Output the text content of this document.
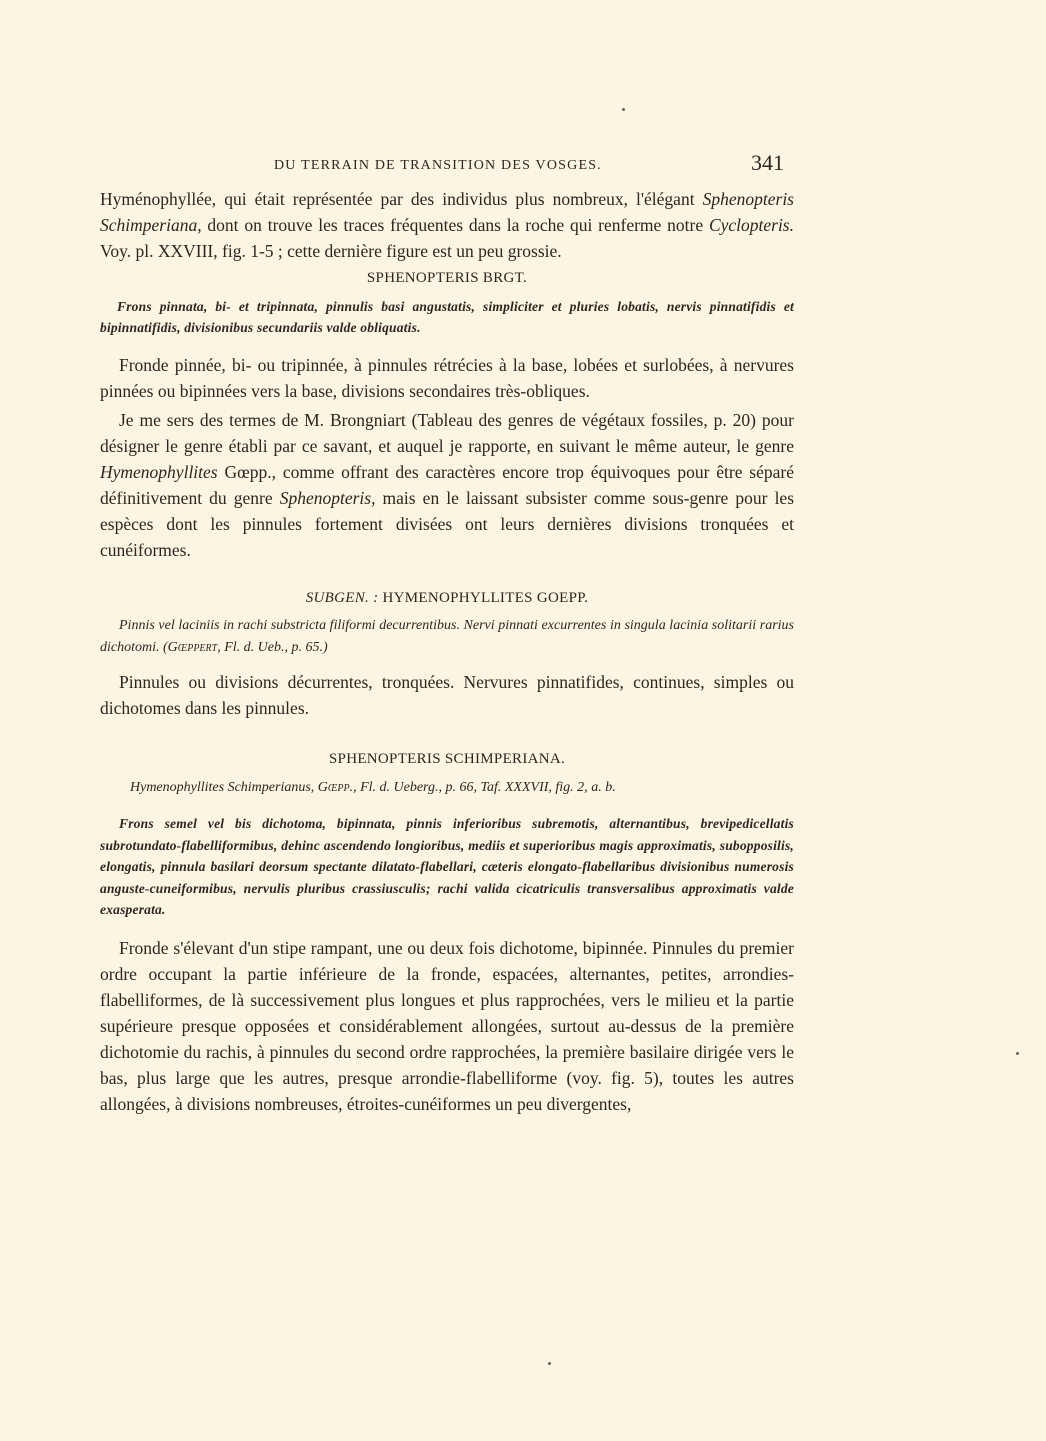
DU TERRAIN DE TRANSITION DES VOSGES.	341

Hyménophyllée, qui était représentée par des individus plus nombreux, l'élégant Sphenopteris Schimperiana, dont on trouve les traces fréquentes dans la roche qui renferme notre Cyclopteris. Voy. pl. XXVIII, fig. 1-5 ; cette dernière figure est un peu grossie.

SPHENOPTERIS BRGT.

Frons pinnata, bi- et tripinnata, pinnulis basi angustatis, simpliciter et pluries lobatis, nervis pinnatifidis et bipinnatifidis, divisionibus secundariis valde obliquatis.

Fronde pinnée, bi- ou tripinnée, à pinnules rétrécies à la base, lobées et surlobées, à nervures pinnées ou bipinnées vers la base, divisions secondaires très-obliques.

Je me sers des termes de M. Brongniart (Tableau des genres de végétaux fossiles, p. 20) pour désigner le genre établi par ce savant, et auquel je rapporte, en suivant le même auteur, le genre Hymenophyllites Gœpp., comme offrant des caractères encore trop équivoques pour être séparé définitivement du genre Sphenopteris, mais en le laissant subsister comme sous-genre pour les espèces dont les pinnules fortement divisées ont leurs dernières divisions tronquées et cunéiformes.

SUBGEN. : HYMENOPHYLLITES GOEPP.

Pinnis vel laciniis in rachi substricta filiformi decurrentibus. Nervi pinnati excurrentes in singula lacinia solitarii rarius dichotomi. (Gœppert, Fl. d. Ueb., p. 65.)

Pinnules ou divisions décurrentes, tronquées. Nervures pinnatifides, continues, simples ou dichotomes dans les pinnules.

SPHENOPTERIS SCHIMPERIANA.

Hymenophyllites Schimperianus, Gœpp., Fl. d. Ueberg., p. 66, Taf. XXXVII, fig. 2, a. b.

Frons semel vel bis dichotoma, bipinnata, pinnis inferioribus subremotis, alternantibus, brevipedicellatis subrotundato-flabelliformibus, dehinc ascendendo longioribus, mediis et superioribus magis approximatis, subopposilis, elongatis, pinnula basilari deorsum spectante dilatato-flabellari, cæteris elongato-flabellaribus divisionibus numerosis anguste-cuneiformibus, nervulis pluribus crassiusculis; rachi valida cicatriculis transversalibus approximatis valde exasperata.

Fronde s'élevant d'un stipe rampant, une ou deux fois dichotome, bipinnée. Pinnules du premier ordre occupant la partie inférieure de la fronde, espacées, alternantes, petites, arrondies-flabelliformes, de là successivement plus longues et plus rapprochées, vers le milieu et la partie supérieure presque opposées et considérablement allongées, surtout au-dessus de la première dichotomie du rachis, à pinnules du second ordre rapprochées, la première basilaire dirigée vers le bas, plus large que les autres, presque arrondie-flabelliforme (voy. fig. 5), toutes les autres allongées, à divisions nombreuses, étroites-cunéiformes un peu divergentes,
